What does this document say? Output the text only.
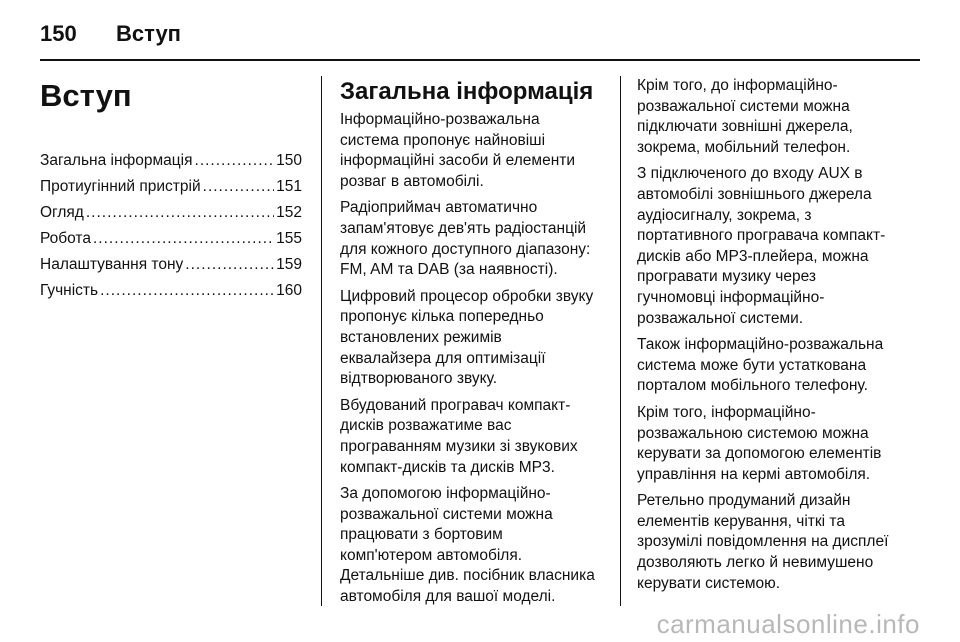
150	Вступ
Вступ
Загальна інформація .....	150
Протиугінний пристрій .....	151
Огляд .....	152
Робота .....	155
Налаштування тону .....	159
Гучність .....	160
Загальна інформація

Інформаційно-розважальна
система пропонує найновіші
інформаційні засоби й елементи
розваг в автомобілі.

Радіоприймач автоматично
запам'ятовує дев'ять радіостанцій
для кожного доступного діапазону:
FM, AM та DAB (за наявності).

Цифровий процесор обробки звуку
пропонує кілька попередньо
встановлених режимів
еквалайзера для оптимізації
відтворюваного звуку.

Вбудований програвач компакт-
дисків розважатиме вас
програванням музики зі звукових
компакт-дисків та дисків MP3.

За допомогою інформаційно-
розважальної системи можна
працювати з бортовим
комп'ютером автомобіля.
Детальніше див. посібник власника
автомобіля для вашої моделі.

Крім того, до інформаційно-
розважальної системи можна
підключати зовнішні джерела,
зокрема, мобільний телефон.

З підключеного до входу AUX в
автомобілі зовнішнього джерела
аудіосигналу, зокрема, з
портативного програвача компакт-
дисків або MP3-плейера, можна
програвати музику через
гучномовці інформаційно-
розважальної системи.

Також інформаційно-розважальна
система може бути устаткована
порталом мобільного телефону.

Крім того, інформаційно-
розважальною системою можна
керувати за допомогою елементів
управління на кермі автомобіля.

Ретельно продуманий дизайн
елементів керування, чіткі та
зрозумілі повідомлення на дисплеї
дозволяють легко й невимушено
керувати системою.

carmanualsonline.info
